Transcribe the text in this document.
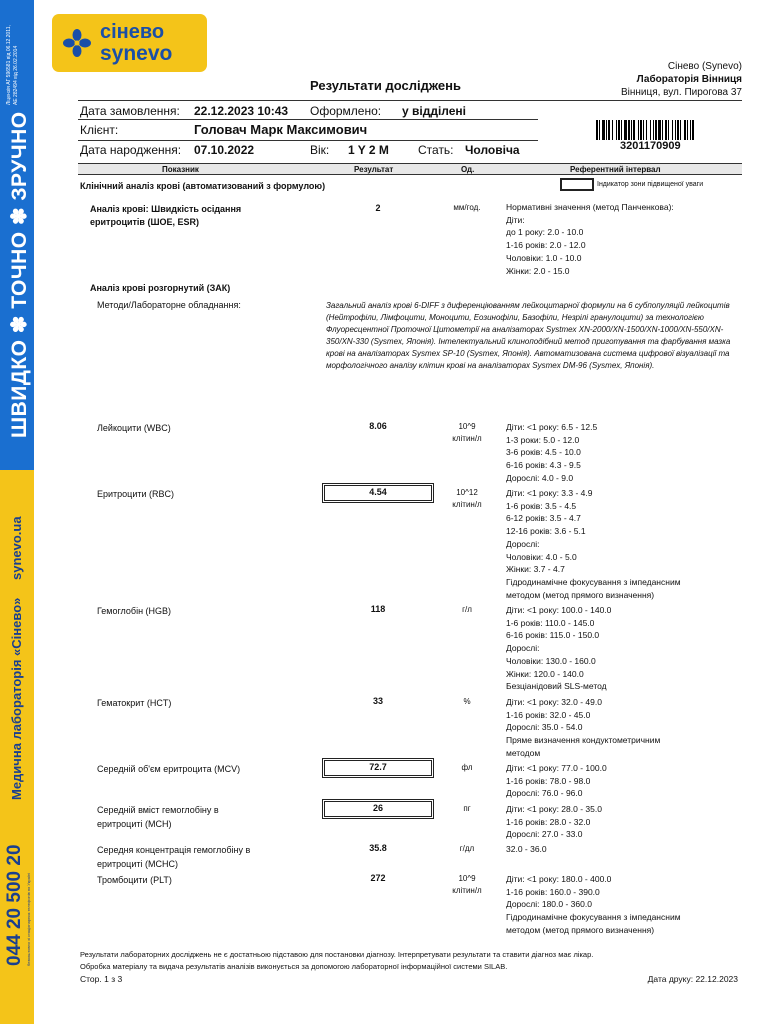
Ліцензія АГ 596581 від 06.12.2011, АЕ 282494 від 26.02.2014
ШВИДКО ✽ ТОЧНО ✽ ЗРУЧНО
synevo.ua
Медична лабораторія «Сінево»
044 20 500 20 безкоштовно зі стаціонарних телефонів по Україні
сінево
synevo
Результати досліджень
Сінево (Synevo)
Лабораторія Вінниця
Вінниця, вул. Пирогова 37
Дата замовлення: 22.12.2023 10:43 Оформлено: у відділені
Клієнт:	Головач Марк Максимович
Дата народження: 07.10.2022	Вік: 1 Y 2 M Стать: Чоловіча	3201170909
Показник	Результат	Од.	Референтний інтервал
Клінічний аналіз крові (автоматизований з формулою)	Індикатор зони підвищеної уваги
Аналіз крові: Швидкість осідання
еритроцитів (ШОЕ, ESR)
2	мм/год.	Нормативні значення (метод Панченкова):
Діти:
до 1 року: 2.0 - 10.0
1-16 років: 2.0 - 12.0
Чоловіки: 1.0 - 10.0
Жінки: 2.0 - 15.0
Аналіз крові розгорнутий (ЗАК)
Методи/Лабораторне обладнання:	Загальний аналіз крові 6-DIFF з диференціюванням лейкоцитарної формули на 6 субпопуляцій лейкоцитів (Нейтрофіли, Лімфоцити, Моноцити, Еозинофіли, Базофіли, Незрілі гранулоцити) за технологією Флуоресцентної Проточної Цитометрії на аналізаторах Systmex XN-2000/XN-1500/XN-1000/XN-550/XN-350/XN-330 (Sysmex, Японія). Інтелектуальний клиноподібний метод приготування та фарбування мазка крові на аналізаторах Sysmex SP-10 (Sysmex, Японія). Автоматизована система цифрової візуалізації та морфологічного аналізу клітин крові на аналізаторах Sysmex DM-96 (Sysmex, Японія).
Лейкоцити (WBC)	8.06	10^9
клітин/л
Діти: <1 року: 6.5 - 12.5
1-3 роки: 5.0 - 12.0
3-6 років: 4.5 - 10.0
6-16 років: 4.3 - 9.5
Дорослі: 4.0 - 9.0
Еритроцити (RBC)	4.54	10^12
клітин/л
Діти: <1 року: 3.3 - 4.9
1-6 років: 3.5 - 4.5
6-12 років: 3.5 - 4.7
12-16 років: 3.6 - 5.1
Дорослі:
Чоловіки: 4.0 - 5.0
Жінки: 3.7 - 4.7
Гідродинамічне фокусування з імпедансним
методом (метод прямого визначення)
Гемоглобін (HGB)	118	г/л	Діти: <1 року: 100.0 - 140.0
1-6 років: 110.0 - 145.0
6-16 років: 115.0 - 150.0
Дорослі:
Чоловіки: 130.0 - 160.0
Жінки: 120.0 - 140.0
Безціанідовий SLS-метод
Гематокрит (HCT)	33	%	Діти: <1 року: 32.0 - 49.0
1-16 років: 32.0 - 45.0
Дорослі: 35.0 - 54.0
Пряме визначення кондуктометричним
методом
Середній об'єм еритроцита (MCV)	72.7	фл	Діти: <1 року: 77.0 - 100.0
1-16 років: 78.0 - 98.0
Дорослі: 76.0 - 96.0
Середній вміст гемоглобіну в
еритроциті (MCH)
26	пг	Діти: <1 року: 28.0 - 35.0
1-16 років: 28.0 - 32.0
Дорослі: 27.0 - 33.0
Середня концентрація гемоглобіну в
еритроциті (MCHC)
35.8	г/дл	32.0 - 36.0
Тромбоцити (PLT)	272	10^9
клітин/л
Діти: <1 року: 180.0 - 400.0
1-16 років: 160.0 - 390.0
Дорослі: 180.0 - 360.0
Гідродинамічне фокусування з імпедансним
методом (метод прямого визначення)
Результати лабораторних досліджень не є достатньою підставою для постановки діагнозу. Інтерпретувати результати та ставити діагноз має лікар.
Обробка матеріалу та видача результатів аналізів виконується за допомогою лабораторної інформаційної системи SILAB.
Стор. 1 з 3	Дата друку: 22.12.2023
